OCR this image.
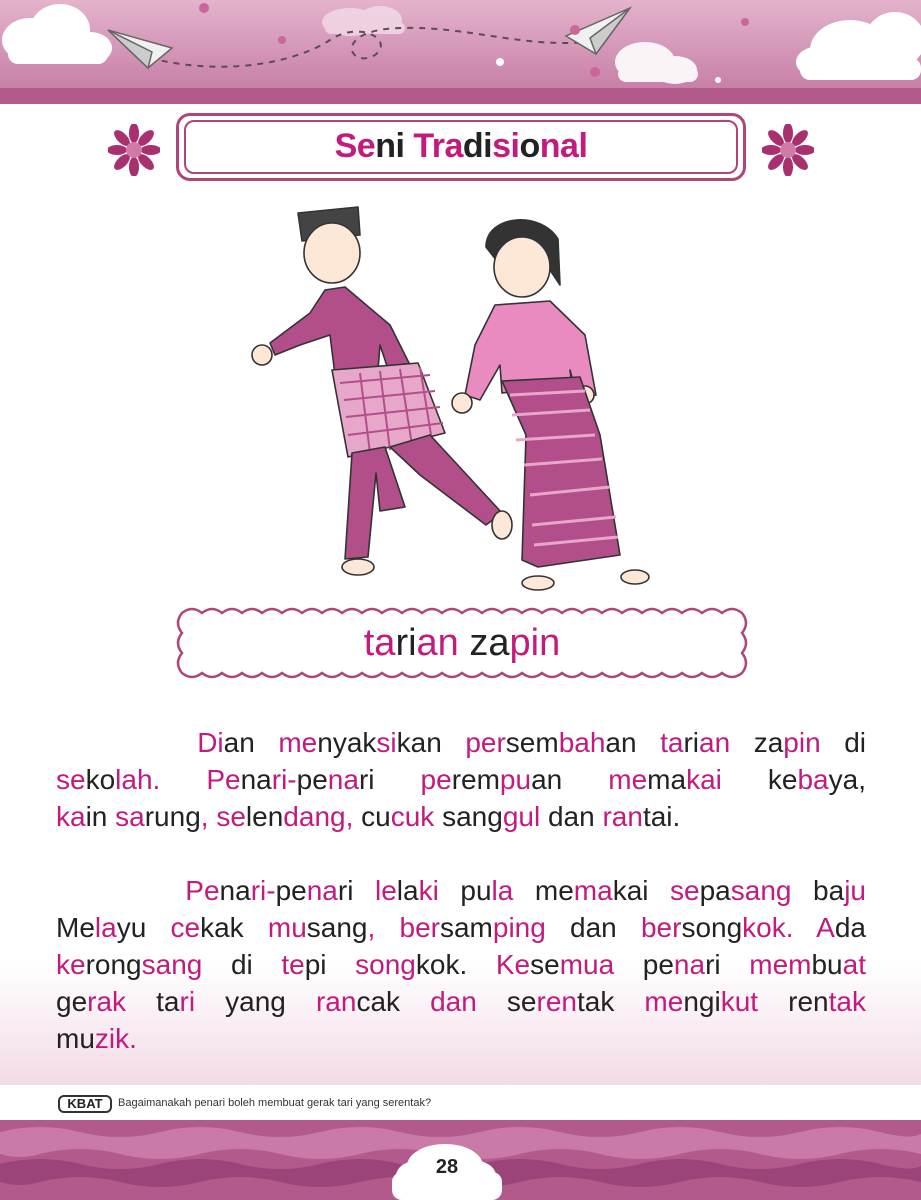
Seni Tradisional
tarian zapin

Dian menyaksikan persembahan tarian zapin di

sekolah. Penari-penari perempuan memakai kebaya,

kain sarung, selendang, cucuk sanggul dan rantai.

Penari-penari lelaki pula memakai sepasang baju

Melayu cekak musang, bersamping dan bersongkok. Ada

kerongsang di tepi songkok. Kesemua penari membuat

gerak tari yang rancak dan serentak mengikut rentak

muzik.

KBAT	Bagaimanakah penari boleh membuat gerak tari yang serentak?
28
